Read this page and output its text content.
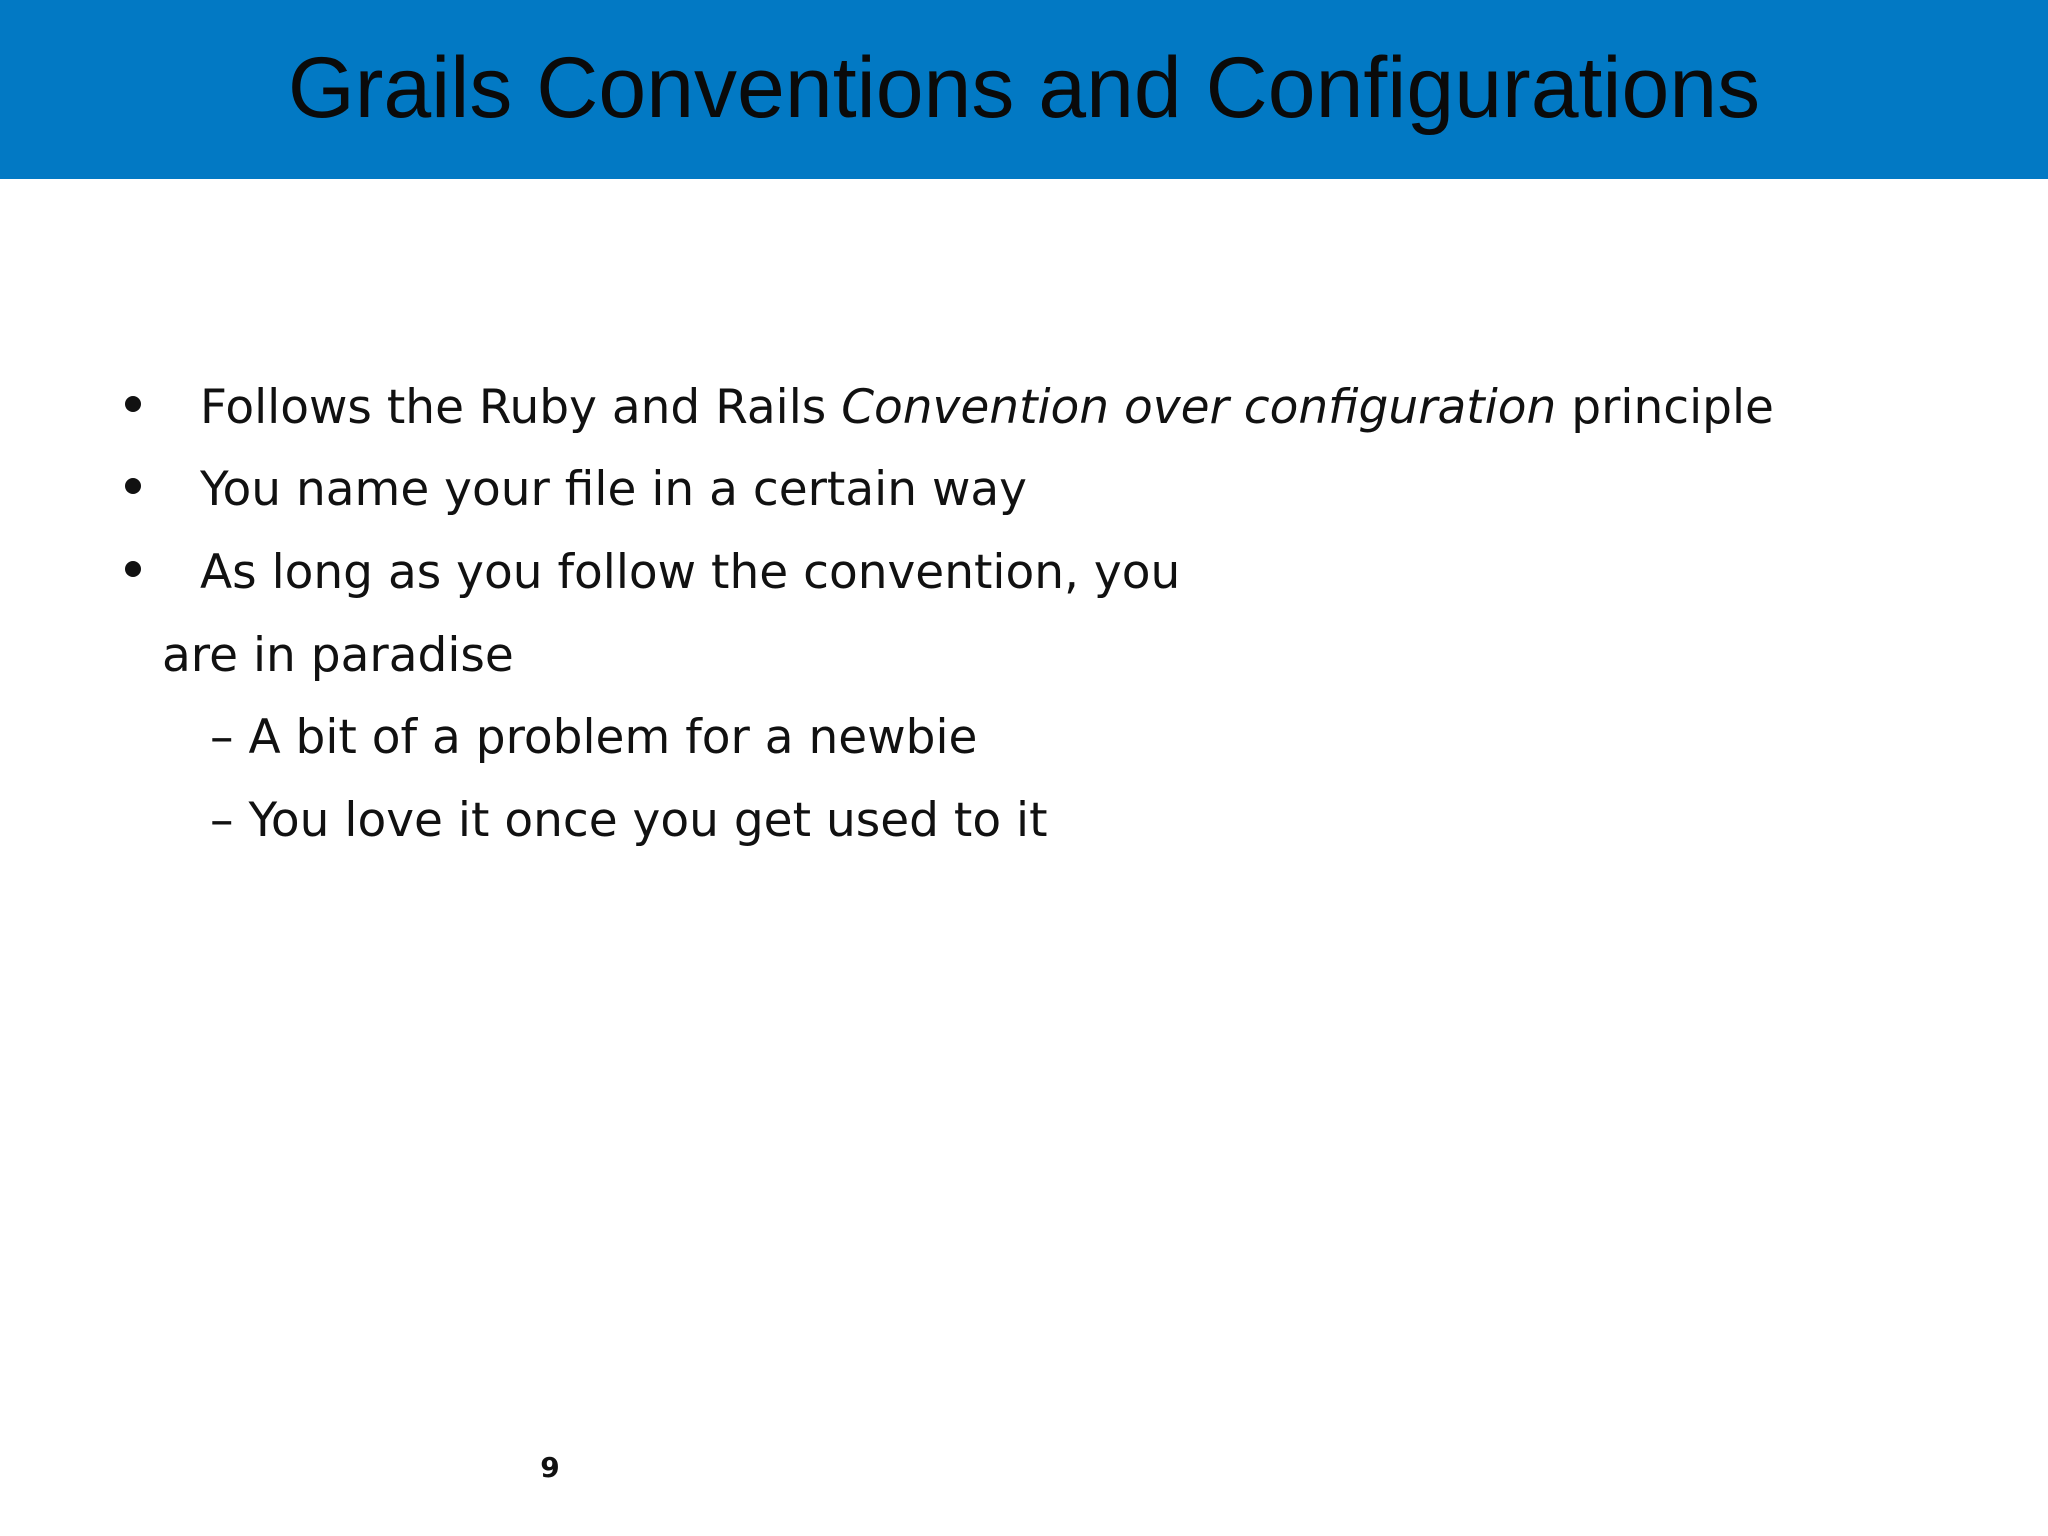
Grails Conventions and Configurations
Follows the Ruby and Rails Convention over configuration principle
You name your file in a certain way
As long as you follow the convention, you
are in paradise
– A bit of a problem for a newbie
– You love it once you get used to it
9
